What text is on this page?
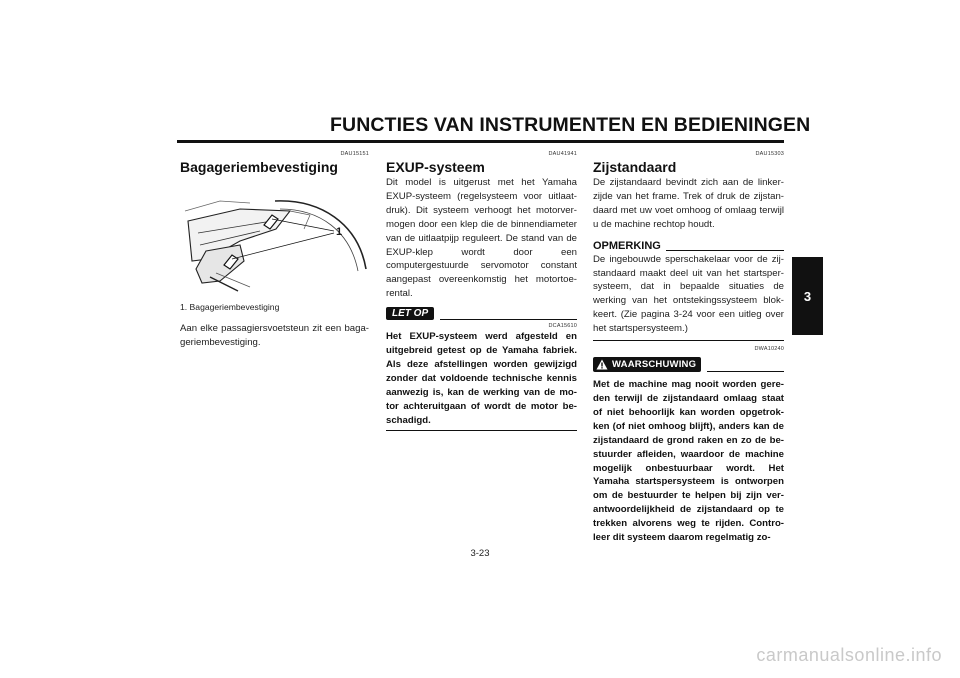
FUNCTIES VAN INSTRUMENTEN EN BEDIENINGEN
3
DAU15151
Bagageriembevestiging
1
1. Bagageriembevestiging
Aan elke passagiersvoetsteun zit een baga-geriembevestiging.
DAU41941
EXUP-systeem
Dit model is uitgerust met het Yamaha EXUP-systeem (regelsysteem voor uitlaat-druk). Dit systeem verhoogt het motorver-mogen door een klep die de binnendiameter van de uitlaatpijp reguleert. De stand van de EXUP-klep wordt door een computergestuurde servomotor constant aangepast overeenkomstig het motortoe-rental.
LET OP
DCA15610
Het EXUP-systeem werd afgesteld en uitgebreid getest op de Yamaha fabriek. Als deze afstellingen worden gewijzigd zonder dat voldoende technische kennis aanwezig is, kan de werking van de mo-tor achteruitgaan of wordt de motor be-schadigd.
DAU15303
Zijstandaard
De zijstandaard bevindt zich aan de linker-zijde van het frame. Trek of druk de zijstan-daard met uw voet omhoog of omlaag terwijl u de machine rechtop houdt.
OPMERKING
De ingebouwde sperschakelaar voor de zij-standaard maakt deel uit van het startsper-systeem, dat in bepaalde situaties de werking van het ontstekingssysteem blok-keert. (Zie pagina 3-24 voor een uitleg over het startspersysteem.)
DWA10240
WAARSCHUWING
Met de machine mag nooit worden gere-den terwijl de zijstandaard omlaag staat of niet behoorlijk kan worden opgetrok-ken (of niet omhoog blijft), anders kan de zijstandaard de grond raken en zo de be-stuurder afleiden, waardoor de machine mogelijk onbestuurbaar wordt. Het Yamaha startspersysteem is ontworpen om de bestuurder te helpen bij zijn ver-antwoordelijkheid de zijstandaard op te trekken alvorens weg te rijden. Contro-leer dit systeem daarom regelmatig zo-
3-23
carmanualsonline.info
